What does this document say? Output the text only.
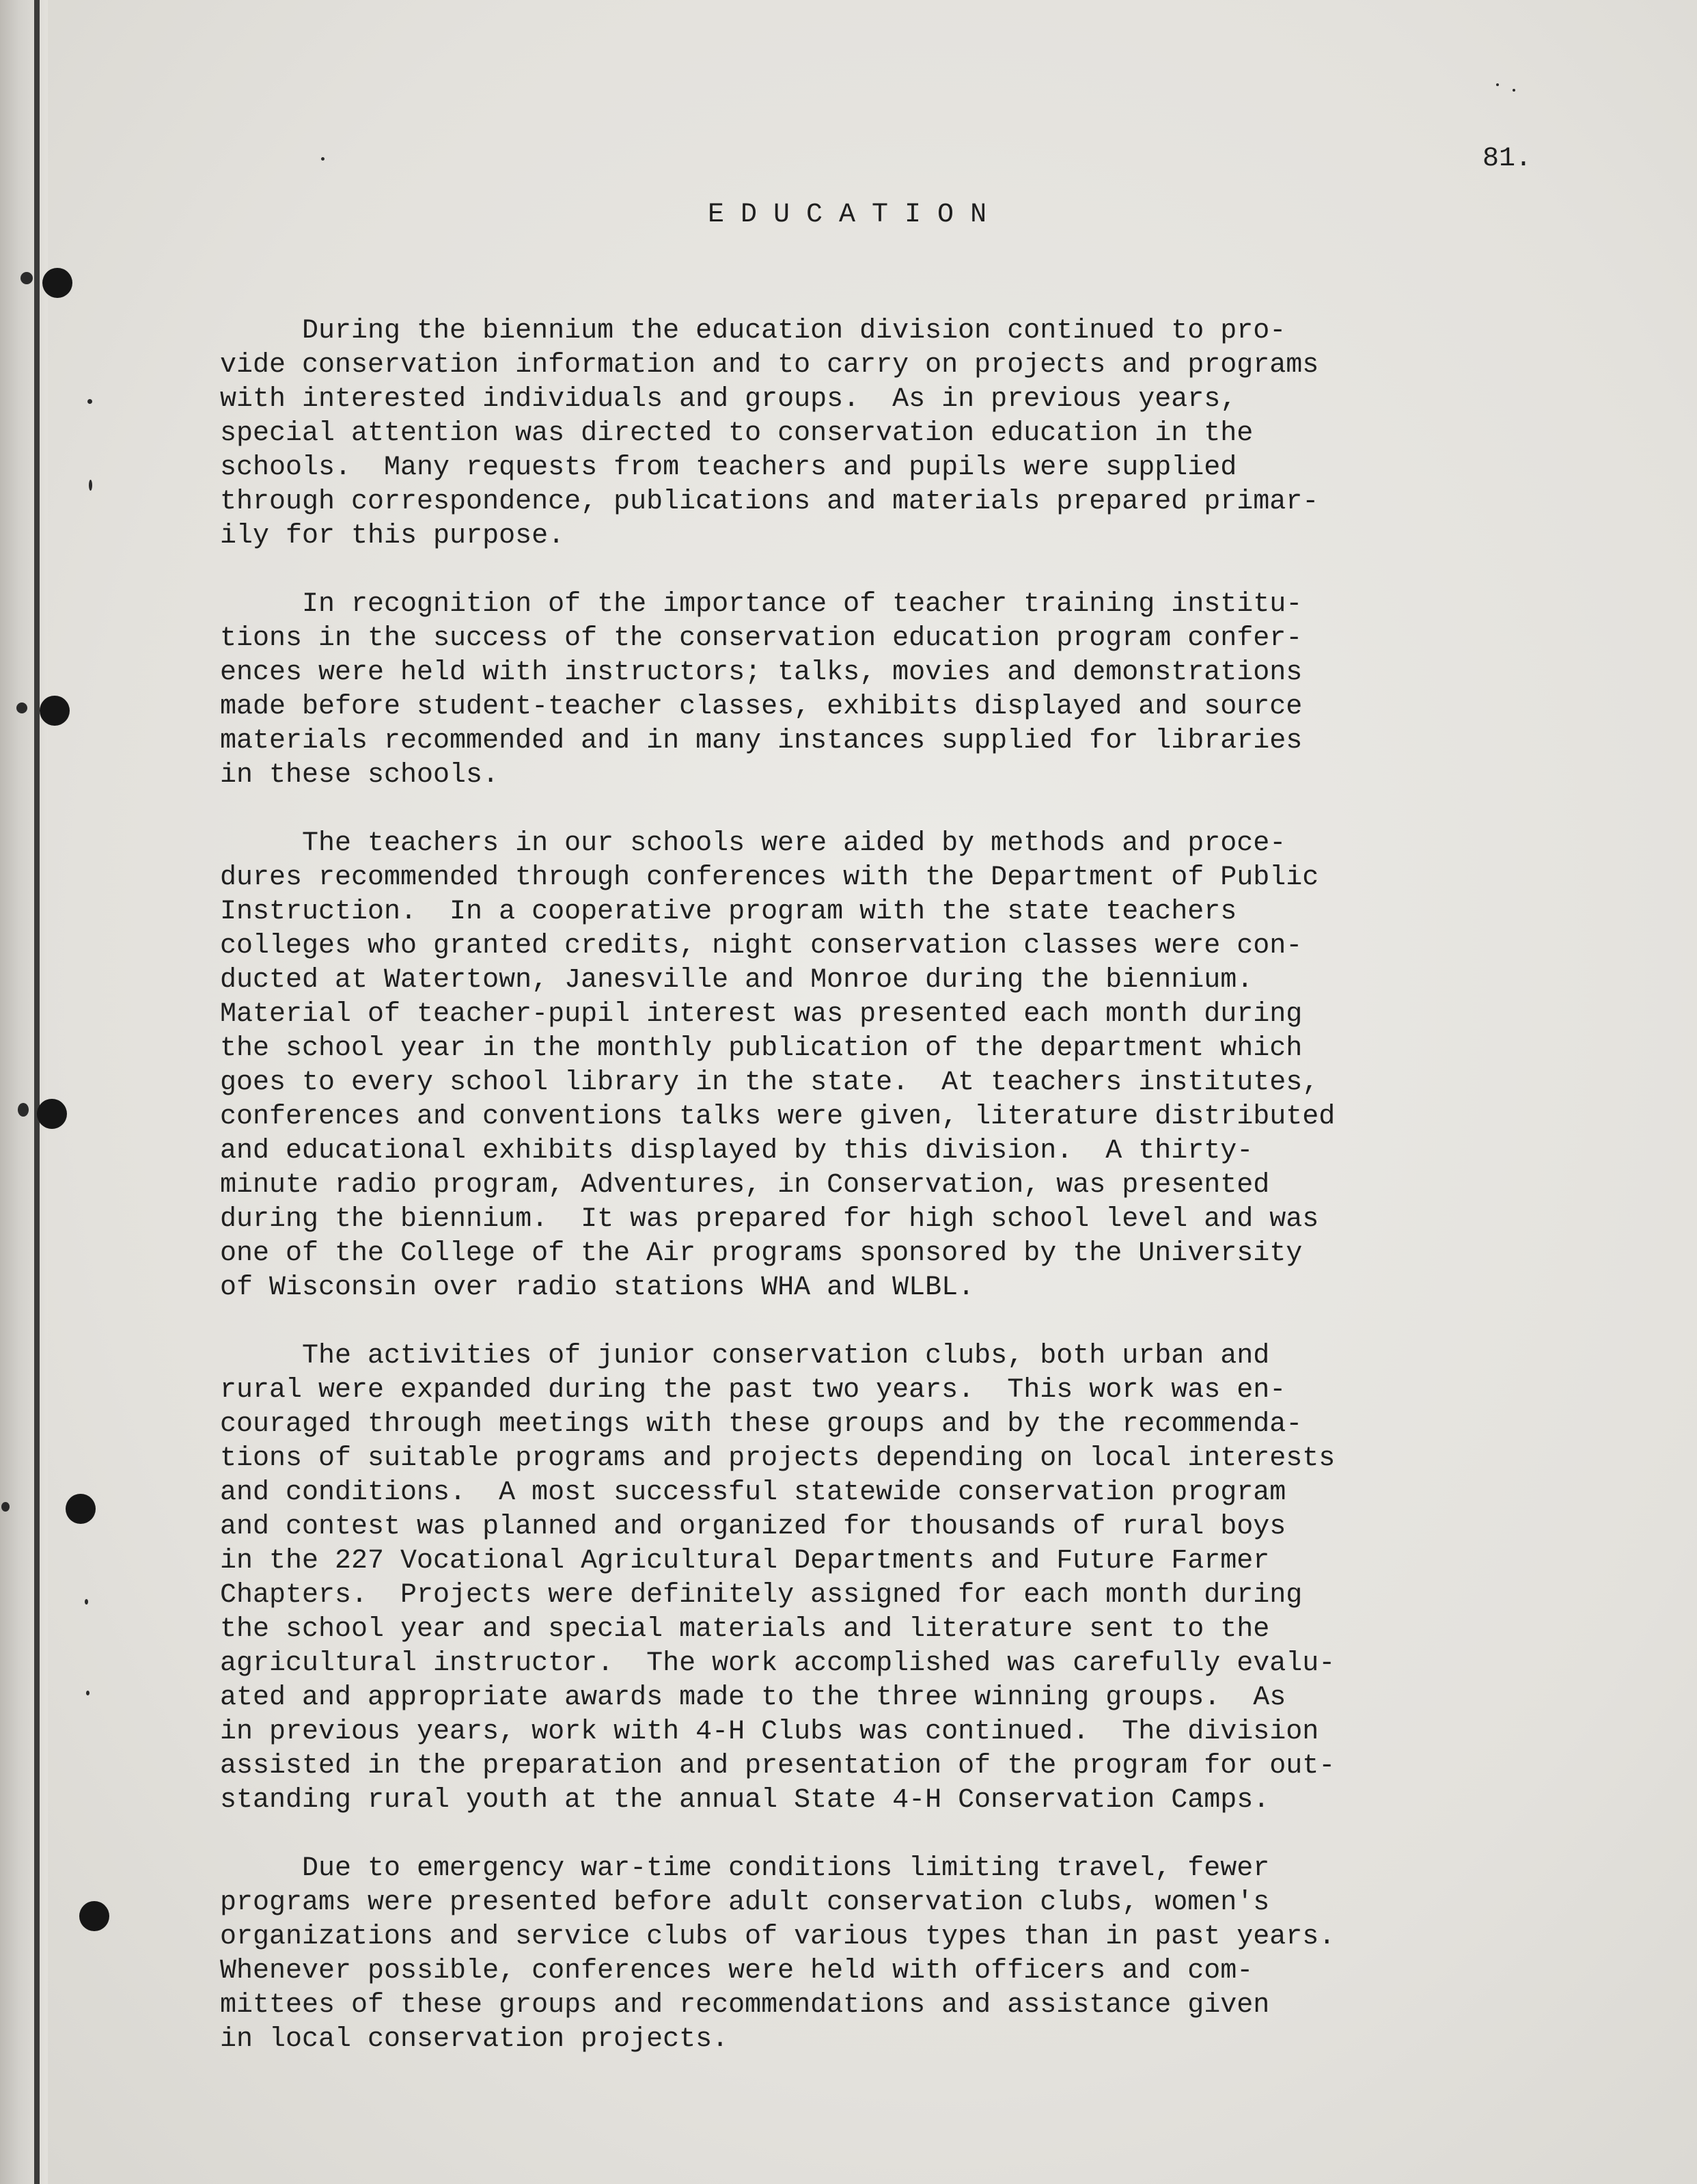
81.
E D U C A T I O N

During the biennium the education division continued to pro-
vide conservation information and to carry on projects and programs
with interested individuals and groups.  As in previous years,
special attention was directed to conservation education in the
schools.  Many requests from teachers and pupils were supplied
through correspondence, publications and materials prepared primar-
ily for this purpose.

In recognition of the importance of teacher training institu-
tions in the success of the conservation education program confer-
ences were held with instructors; talks, movies and demonstrations
made before student-teacher classes, exhibits displayed and source
materials recommended and in many instances supplied for libraries
in these schools.

The teachers in our schools were aided by methods and proce-
dures recommended through conferences with the Department of Public
Instruction.  In a cooperative program with the state teachers
colleges who granted credits, night conservation classes were con-
ducted at Watertown, Janesville and Monroe during the biennium.
Material of teacher-pupil interest was presented each month during
the school year in the monthly publication of the department which
goes to every school library in the state.  At teachers institutes,
conferences and conventions talks were given, literature distributed
and educational exhibits displayed by this division.  A thirty-
minute radio program, Adventures, in Conservation, was presented
during the biennium.  It was prepared for high school level and was
one of the College of the Air programs sponsored by the University
of Wisconsin over radio stations WHA and WLBL.

The activities of junior conservation clubs, both urban and
rural were expanded during the past two years.  This work was en-
couraged through meetings with these groups and by the recommenda-
tions of suitable programs and projects depending on local interests
and conditions.  A most successful statewide conservation program
and contest was planned and organized for thousands of rural boys
in the 227 Vocational Agricultural Departments and Future Farmer
Chapters.  Projects were definitely assigned for each month during
the school year and special materials and literature sent to the
agricultural instructor.  The work accomplished was carefully evalu-
ated and appropriate awards made to the three winning groups.  As
in previous years, work with 4-H Clubs was continued.  The division
assisted in the preparation and presentation of the program for out-
standing rural youth at the annual State 4-H Conservation Camps.

Due to emergency war-time conditions limiting travel, fewer
programs were presented before adult conservation clubs, women's
organizations and service clubs of various types than in past years.
Whenever possible, conferences were held with officers and com-
mittees of these groups and recommendations and assistance given
in local conservation projects.
